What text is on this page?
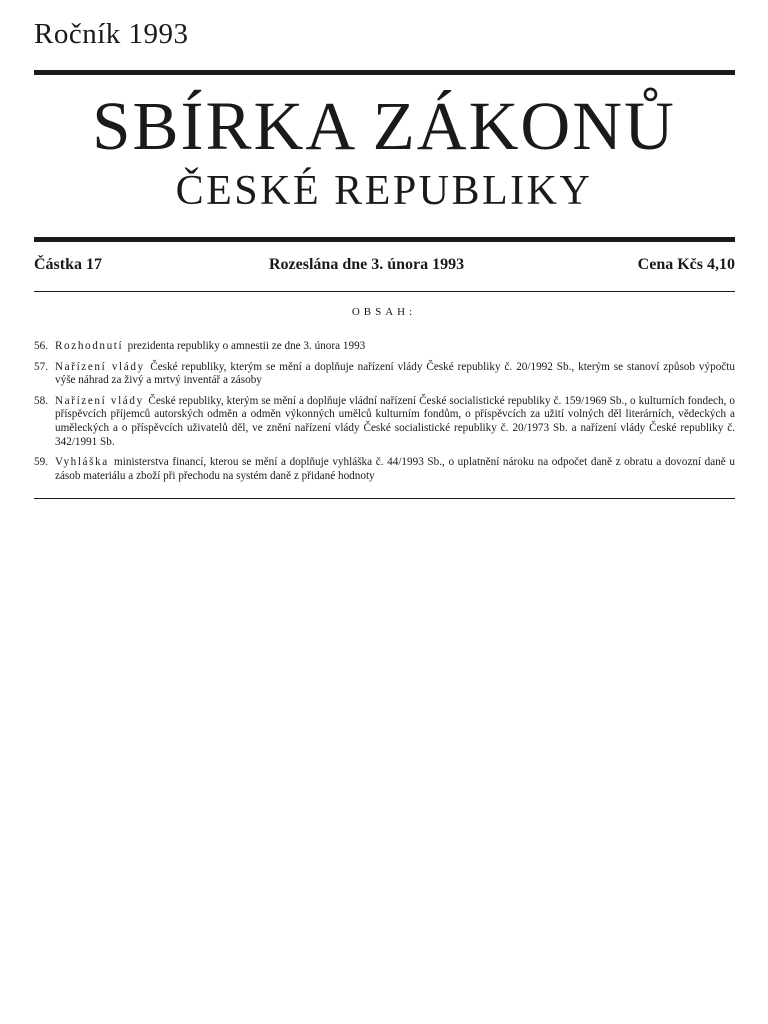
Ročník 1993
SBÍRKA ZÁKONŮ
ČESKÉ REPUBLIKY
Částka 17	Rozeslána dne 3. února 1993	Cena Kčs 4,10
OBSAH:
56. Rozhodnutí prezidenta republiky o amnestii ze dne 3. února 1993
57. Nařízení vlády České republiky, kterým se mění a doplňuje nařízení vlády České republiky č. 20/1992 Sb., kterým se stanoví způsob výpočtu výše náhrad za živý a mrtvý inventář a zásoby
58. Nařízení vlády České republiky, kterým se mění a doplňuje vládní nařízení České socialistické republiky č. 159/1969 Sb., o kulturních fondech, o příspěvcích příjemců autorských odměn a odměn výkonných umělců kulturním fondům, o příspěvcích za užití volných děl literárních, vědeckých a uměleckých a o příspěvcích uživatelů děl, ve znění nařízení vlády České socialistické republiky č. 20/1973 Sb. a nařízení vlády České republiky č. 342/1991 Sb.
59. Vyhláška ministerstva financí, kterou se mění a doplňuje vyhláška č. 44/1993 Sb., o uplatnění nároku na odpočet daně z obratu a dovozní daně u zásob materiálu a zboží při přechodu na systém daně z přidané hodnoty
